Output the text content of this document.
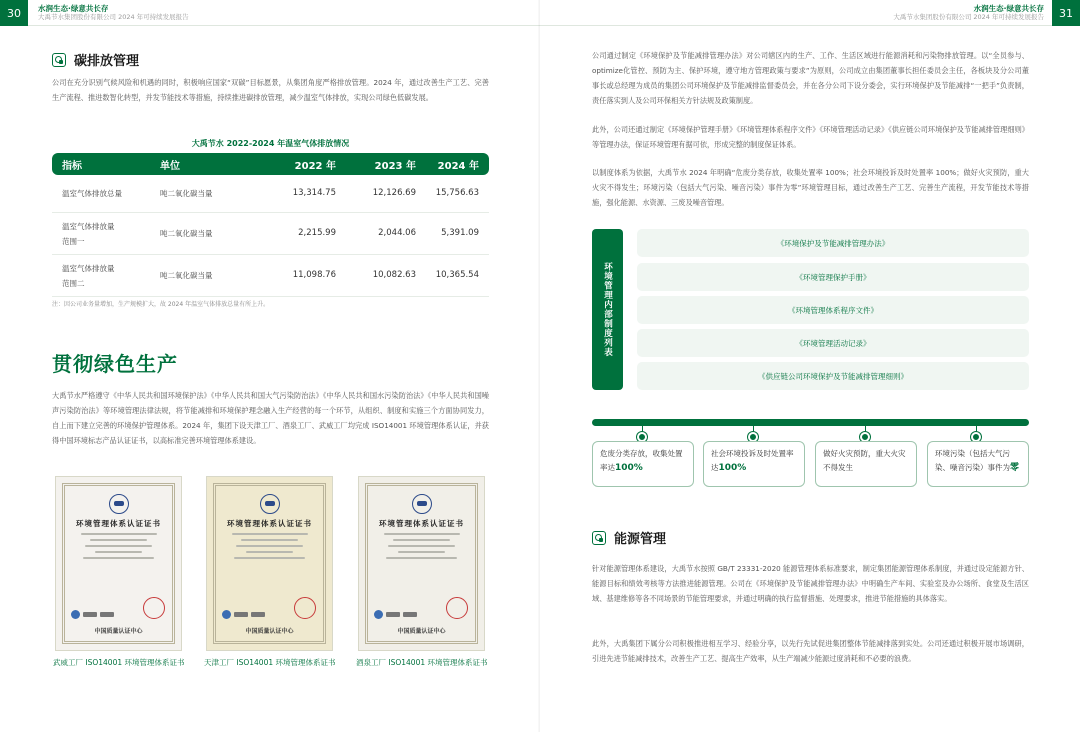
30	水润生态·绿意共长存
大禹节水集团股份有限公司 2024 年可持续发展报告
碳排放管理

公司在充分识别气候风险和机遇的同时，积极响应国家“双碳”目标愿景，从集团角度严格排放管理。2024 年，通过改善生产工艺、完善生产流程、推进数智化转型，并发节能技术等措施，持续推进碳排放管理，减少温室气体排放，实现公司绿色低碳发展。

大禹节水 2022-2024 年温室气体排放情况
指标	单位	2022 年	2023 年	2024 年
温室气体排放总量	吨二氧化碳当量	13,314.75	12,126.69	15,756.63
温室气体排放量
范围一
吨二氧化碳当量	2,215.99	2,044.06	5,391.09
温室气体排放量
范围二
吨二氧化碳当量	11,098.76	10,082.63	10,365.54
注：因公司业务量增加，生产规模扩大，故 2024 年温室气体排放总量有所上升。
贯彻绿色生产

大禹节水严格遵守《中华人民共和国环境保护法》《中华人民共和国大气污染防治法》《中华人民共和国水污染防治法》《中华人民共和国噪声污染防治法》等环境管理法律法规，将节能减排和环境保护理念融入生产经营的每一个环节，从组织、制度和实施三个方面协同发力，自上而下建立完善的环境保护管理体系。2024 年，集团下设天津工厂、酒泉工厂、武威工厂均完成 ISO14001 环境管理体系认证，并获得中国环境标志产品认证证书，以高标准完善环境管理体系建设。

环境管理体系认证证书
中国质量认证中心
武威工厂 ISO14001 环境管理体系证书
环境管理体系认证证书
中国质量认证中心
天津工厂 ISO14001 环境管理体系证书
环境管理体系认证证书
中国质量认证中心
酒泉工厂 ISO14001 环境管理体系证书
31
水润生态·绿意共长存
大禹节水集团股份有限公司 2024 年可持续发展报告

公司通过制定《环境保护及节能减排管理办法》对公司辖区内的生产、工作、生活区域进行能源消耗和污染物排放管理。以“全员参与、optimize化管控、预防为主、保护环境，遵守地方管理政策与要求”为原则，公司成立由集团董事长担任委员会主任，各板块及分公司董事长或总经理为成员的集团公司环境保护及节能减排监督委员会，并在各分公司下设分委会，实行环境保护及节能减排“一把手”负责制，责任落实到人及公司环保相关方针法规及政策制度。

此外，公司还通过制定《环境保护管理手册》《环境管理体系程序文件》《环境管理活动记录》《供应链公司环境保护及节能减排管理细则》等管理办法，保证环境管理有据可依，形成完整的制度保证体系。

以制度体系为依据，大禹节水 2024 年明确“危废分类存放，收集处置率 100%；社会环境投诉及时处置率 100%；做好火灾预防，重大火灾不得发生；环境污染（包括大气污染、噪音污染）事件为零”环境管理目标，通过改善生产工艺、完善生产流程，开发节能技术等措施，强化能源、水资源、三废及噪音管理。

环境管理内部制度列表
《环境保护及节能减排管理办法》
《环境管理保护手册》
《环境管理体系程序文件》
《环境管理活动记录》
《供应链公司环境保护及节能减排管理细则》
危废分类存放，收集处置率达100%
社会环境投诉及时处置率达100%
做好火灾预防，重大火灾不得发生
环境污染（包括大气污染、噪音污染）事件为零
能源管理

针对能源管理体系建设，大禹节水按照 GB/T 23331-2020 能源管理体系标准要求，制定集团能源管理体系制度，并通过设定能源方针、能源目标和绩效考核等方法推进能源管理。公司在《环境保护及节能减排管理办法》中明确生产车间、实验室及办公场所、食堂及生活区域、基建维修等各不同场景的节能管理要求，并通过明确的执行监督措施、处理要求，推进节能措施的具体落实。

此外，大禹集团下属分公司积极推进相互学习、经验分享，以先行先试促进集团整体节能减排落到实处。公司还通过积极开展市场调研，引进先进节能减排技术，改善生产工艺、提高生产效率，从生产端减少能源过度消耗和不必要的浪费。
